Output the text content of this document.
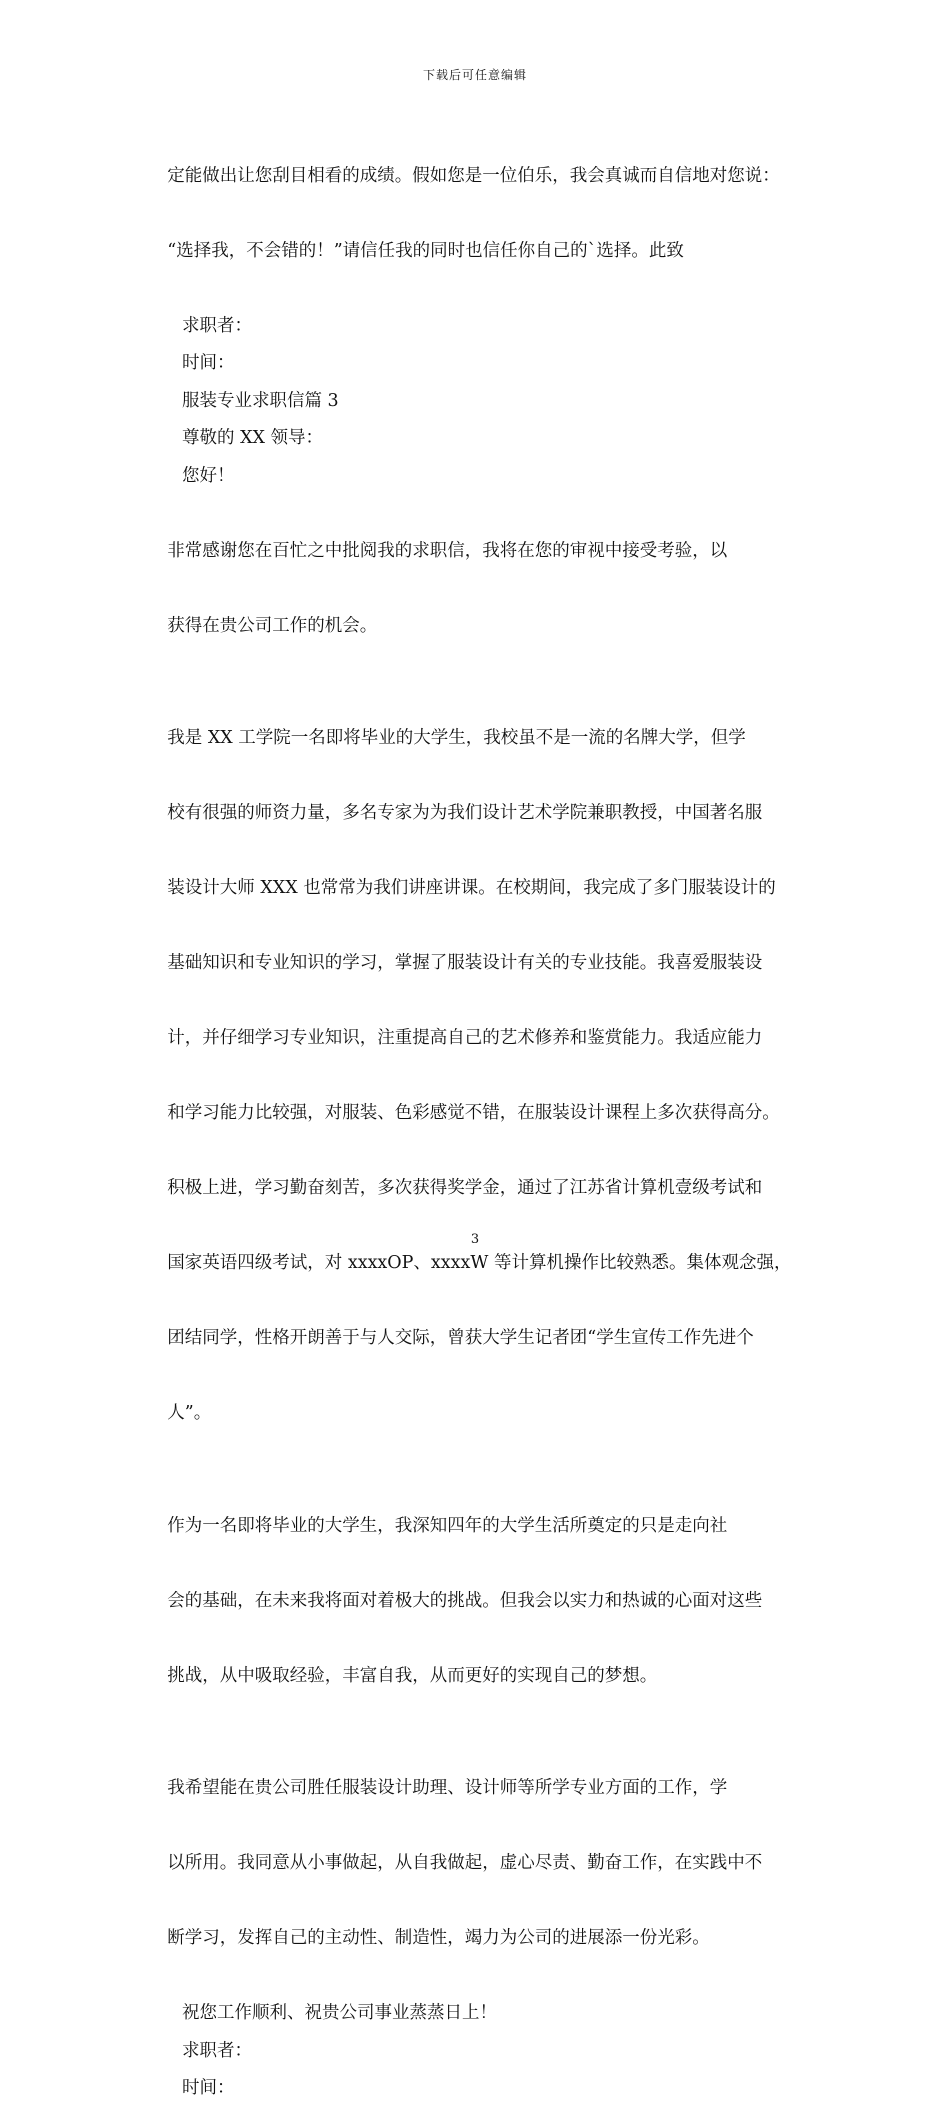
下载后可任意编辑

定能做出让您刮目相看的成绩。假如您是一位伯乐，我会真诚而自信地对您说：

“选择我，不会错的！”请信任我的同时也信任你自己的`选择。此致

求职者：

时间：

服装专业求职信篇 3

尊敬的 XX 领导：

您好！

非常感谢您在百忙之中批阅我的求职信，我将在您的审视中接受考验，以

获得在贵公司工作的机会。

我是 XX 工学院一名即将毕业的大学生，我校虽不是一流的名牌大学，但学

校有很强的师资力量，多名专家为为我们设计艺术学院兼职教授，中国著名服

装设计大师 XXX 也常常为我们讲座讲课。在校期间，我完成了多门服装设计的

基础知识和专业知识的学习，掌握了服装设计有关的专业技能。我喜爱服装设

计，并仔细学习专业知识，注重提高自己的艺术修养和鉴赏能力。我适应能力

和学习能力比较强，对服装、色彩感觉不错，在服装设计课程上多次获得高分。

积极上进，学习勤奋刻苦，多次获得奖学金，通过了江苏省计算机壹级考试和

国家英语四级考试，对 xxxxOP、xxxxW 等计算机操作比较熟悉。集体观念强，

团结同学，性格开朗善于与人交际，曾获大学生记者团“学生宣传工作先进个

人”。

作为一名即将毕业的大学生，我深知四年的大学生活所奠定的只是走向社

会的基础，在未来我将面对着极大的挑战。但我会以实力和热诚的心面对这些

挑战，从中吸取经验，丰富自我，从而更好的实现自己的梦想。

我希望能在贵公司胜任服装设计助理、设计师等所学专业方面的工作，学

以所用。我同意从小事做起，从自我做起，虚心尽责、勤奋工作，在实践中不

断学习，发挥自己的主动性、制造性，竭力为公司的进展添一份光彩。

祝您工作顺利、祝贵公司事业蒸蒸日上！

求职者：

时间：

3
